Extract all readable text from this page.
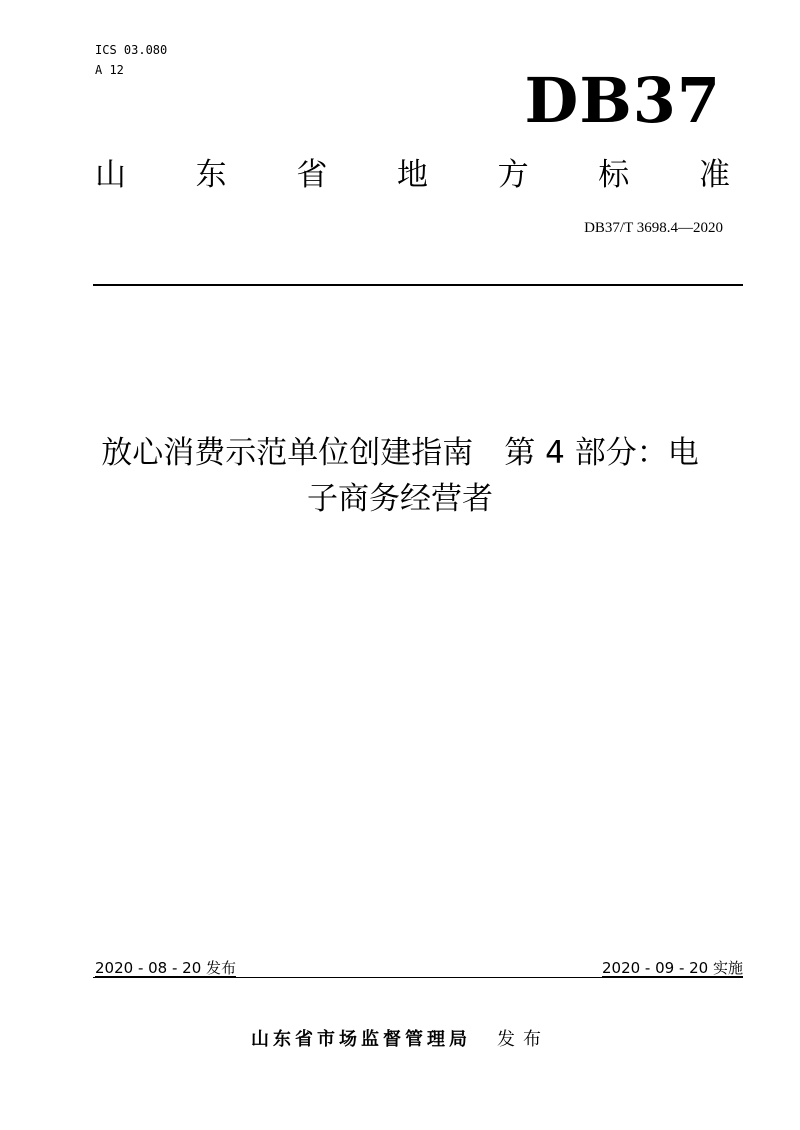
ICS 03.080
A 12	DB37
山 东 省 地 方 标 准
DB37/T 3698.4—2020
放心消费示范单位创建指南　第 4 部分：电
子商务经营者
2020 - 08 - 20 发布	2020 - 09 - 20 实施
山东省市场监督管理局 发布
